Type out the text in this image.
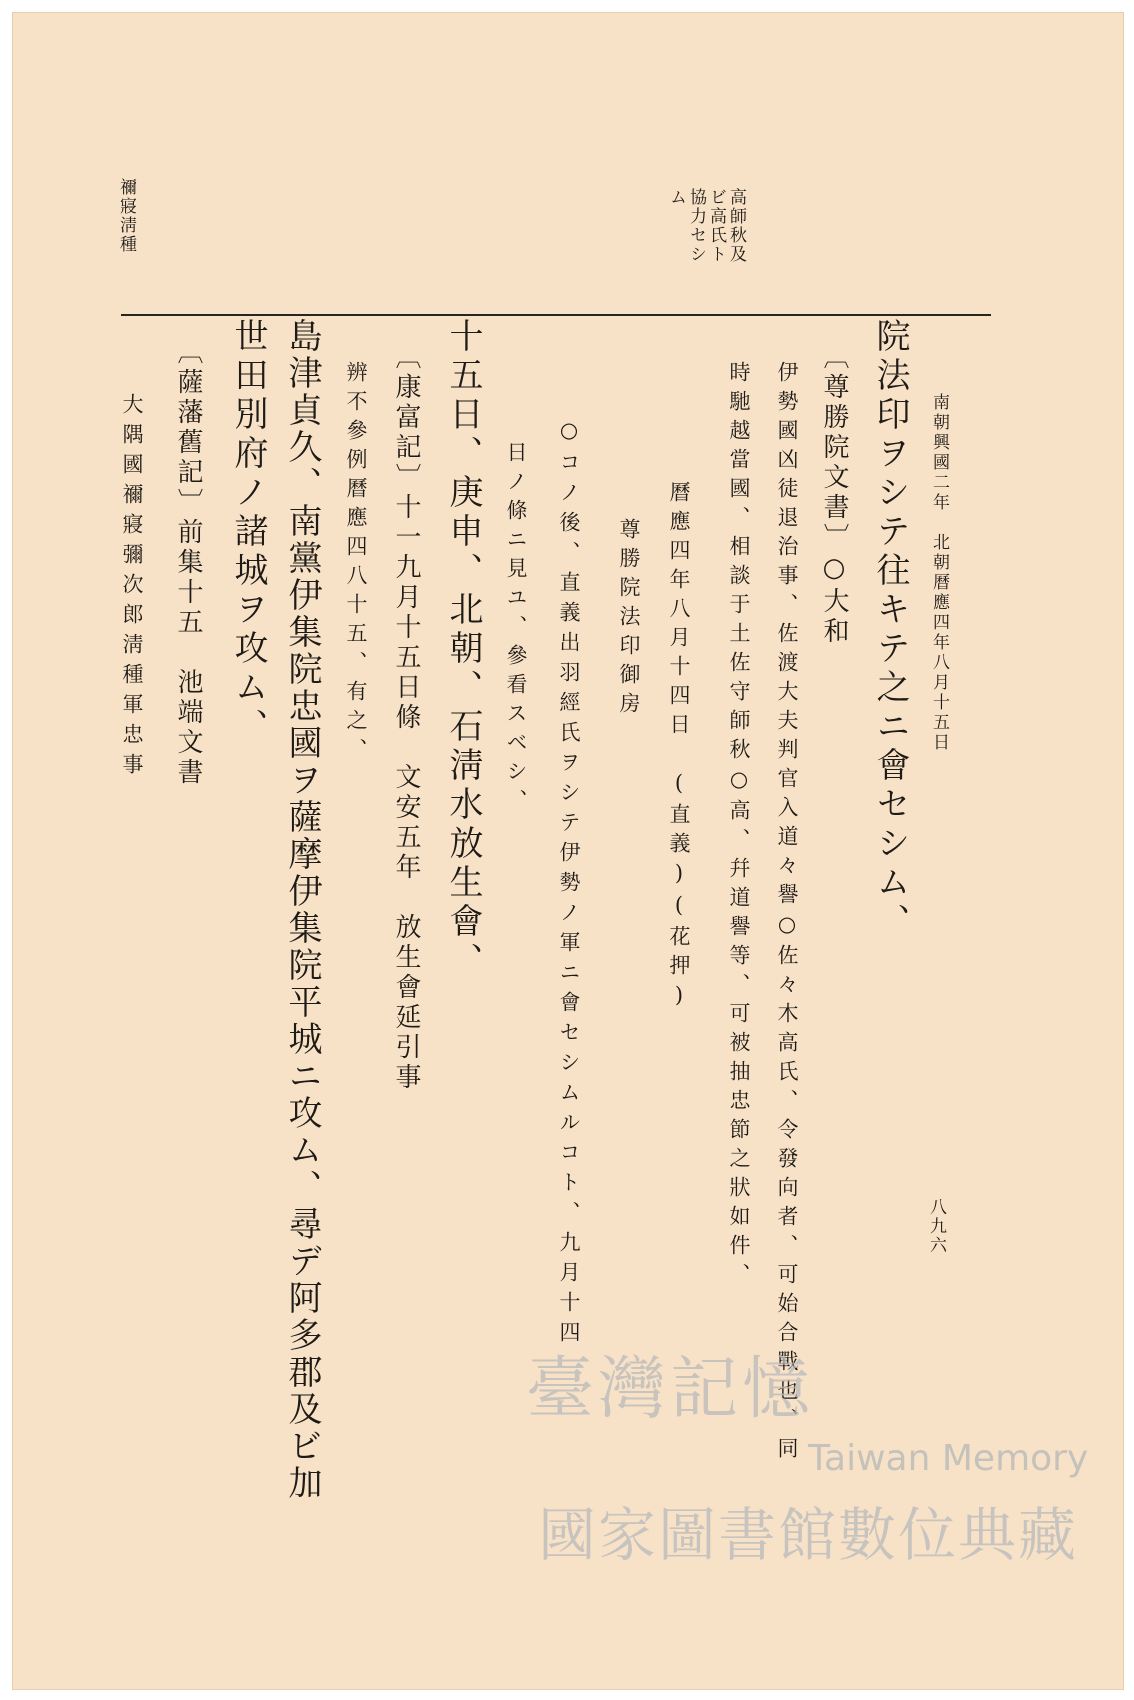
禰寢淸種	高師秋及
ビ高氏ト
協力セシ
ム
南朝興國二年　北朝曆應四年八月十五日
八九六
院法印ヲシテ往キテ之ニ會セシム、
〔尊勝院文書〕○大和
伊勢國凶徒退治事、佐渡大夫判官入道々譽○佐々木高氏、令發向者、可始合戰也、同
時馳越當國、相談于土佐守師秋○高、幷道譽等、可被抽忠節之狀如件、
曆應四年八月十四日　(直義)(花押)
尊勝院法印御房
○コノ後、直義出羽經氏ヲシテ伊勢ノ軍ニ會セシムルコト、九月十四
日ノ條ニ見ユ、參看スベシ、
十五日、庚申、北朝、石淸水放生會、
〔康富記〕十一九月十五日條　文安五年　放生會延引事
辨不參例曆應四八十五、有之、
島津貞久、南黨伊集院忠國ヲ薩摩伊集院平城ニ攻ム、尋デ阿多郡及ビ加
世田別府ノ諸城ヲ攻ム、
〔薩藩舊記〕前集十五　池端文書
大隅國禰寢彌次郎淸種軍忠事
臺灣記憶
Taiwan Memory
國家圖書館數位典藏
